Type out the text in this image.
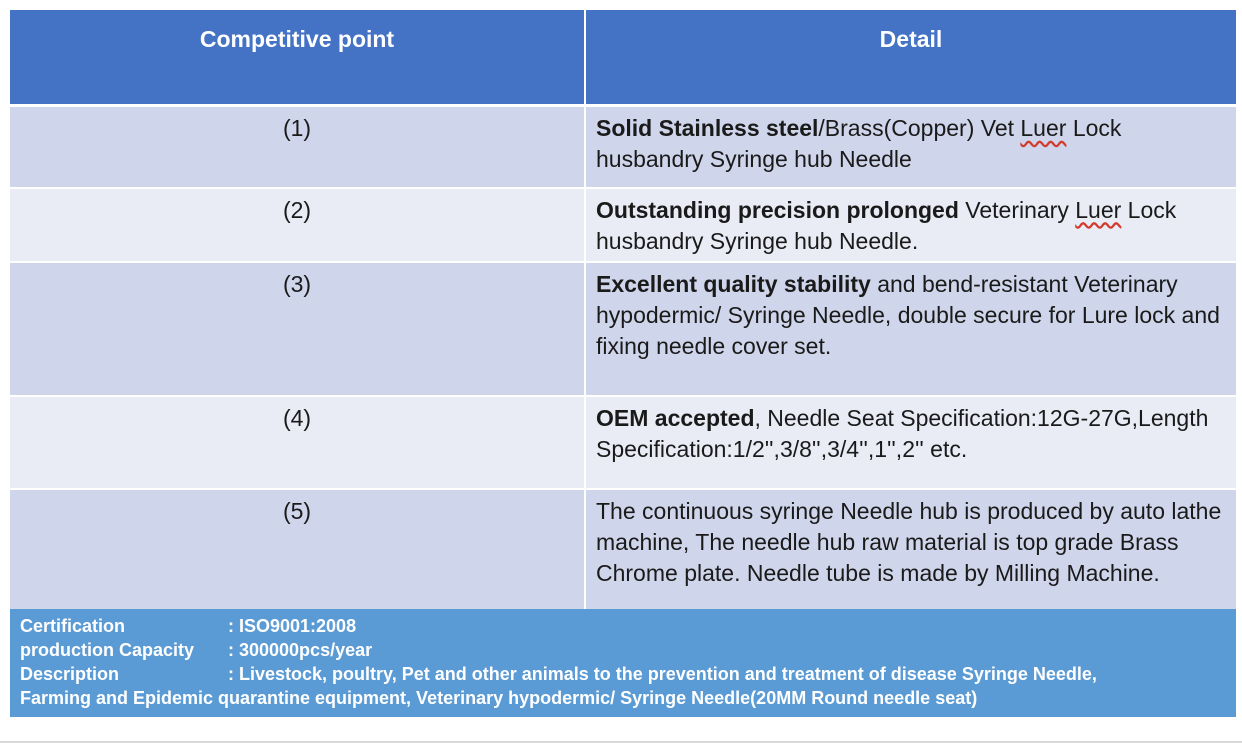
Competitive point	Detail
(1)	Solid Stainless steel/Brass(Copper) Vet Luer Lock husbandry Syringe hub Needle
(2)	Outstanding precision prolonged Veterinary Luer Lock husbandry Syringe hub Needle.
(3)	Excellent quality stability and bend-resistant Veterinary hypodermic/ Syringe Needle, double secure for Lure lock and fixing needle cover set.
(4)	OEM accepted, Needle Seat Specification:12G-27G,Length Specification:1/2'',3/8'',3/4'',1'',2'' etc.
(5)	The continuous syringe Needle hub is produced by auto lathe machine, The needle hub raw material is top grade Brass Chrome plate. Needle tube is made by Milling Machine.
Certification	: ISO9001:2008
production Capacity	: 300000pcs/year
Description	: Livestock, poultry, Pet and other animals to the prevention and treatment of disease Syringe Needle,
Farming and Epidemic quarantine equipment, Veterinary hypodermic/ Syringe Needle(20MM Round needle seat)
